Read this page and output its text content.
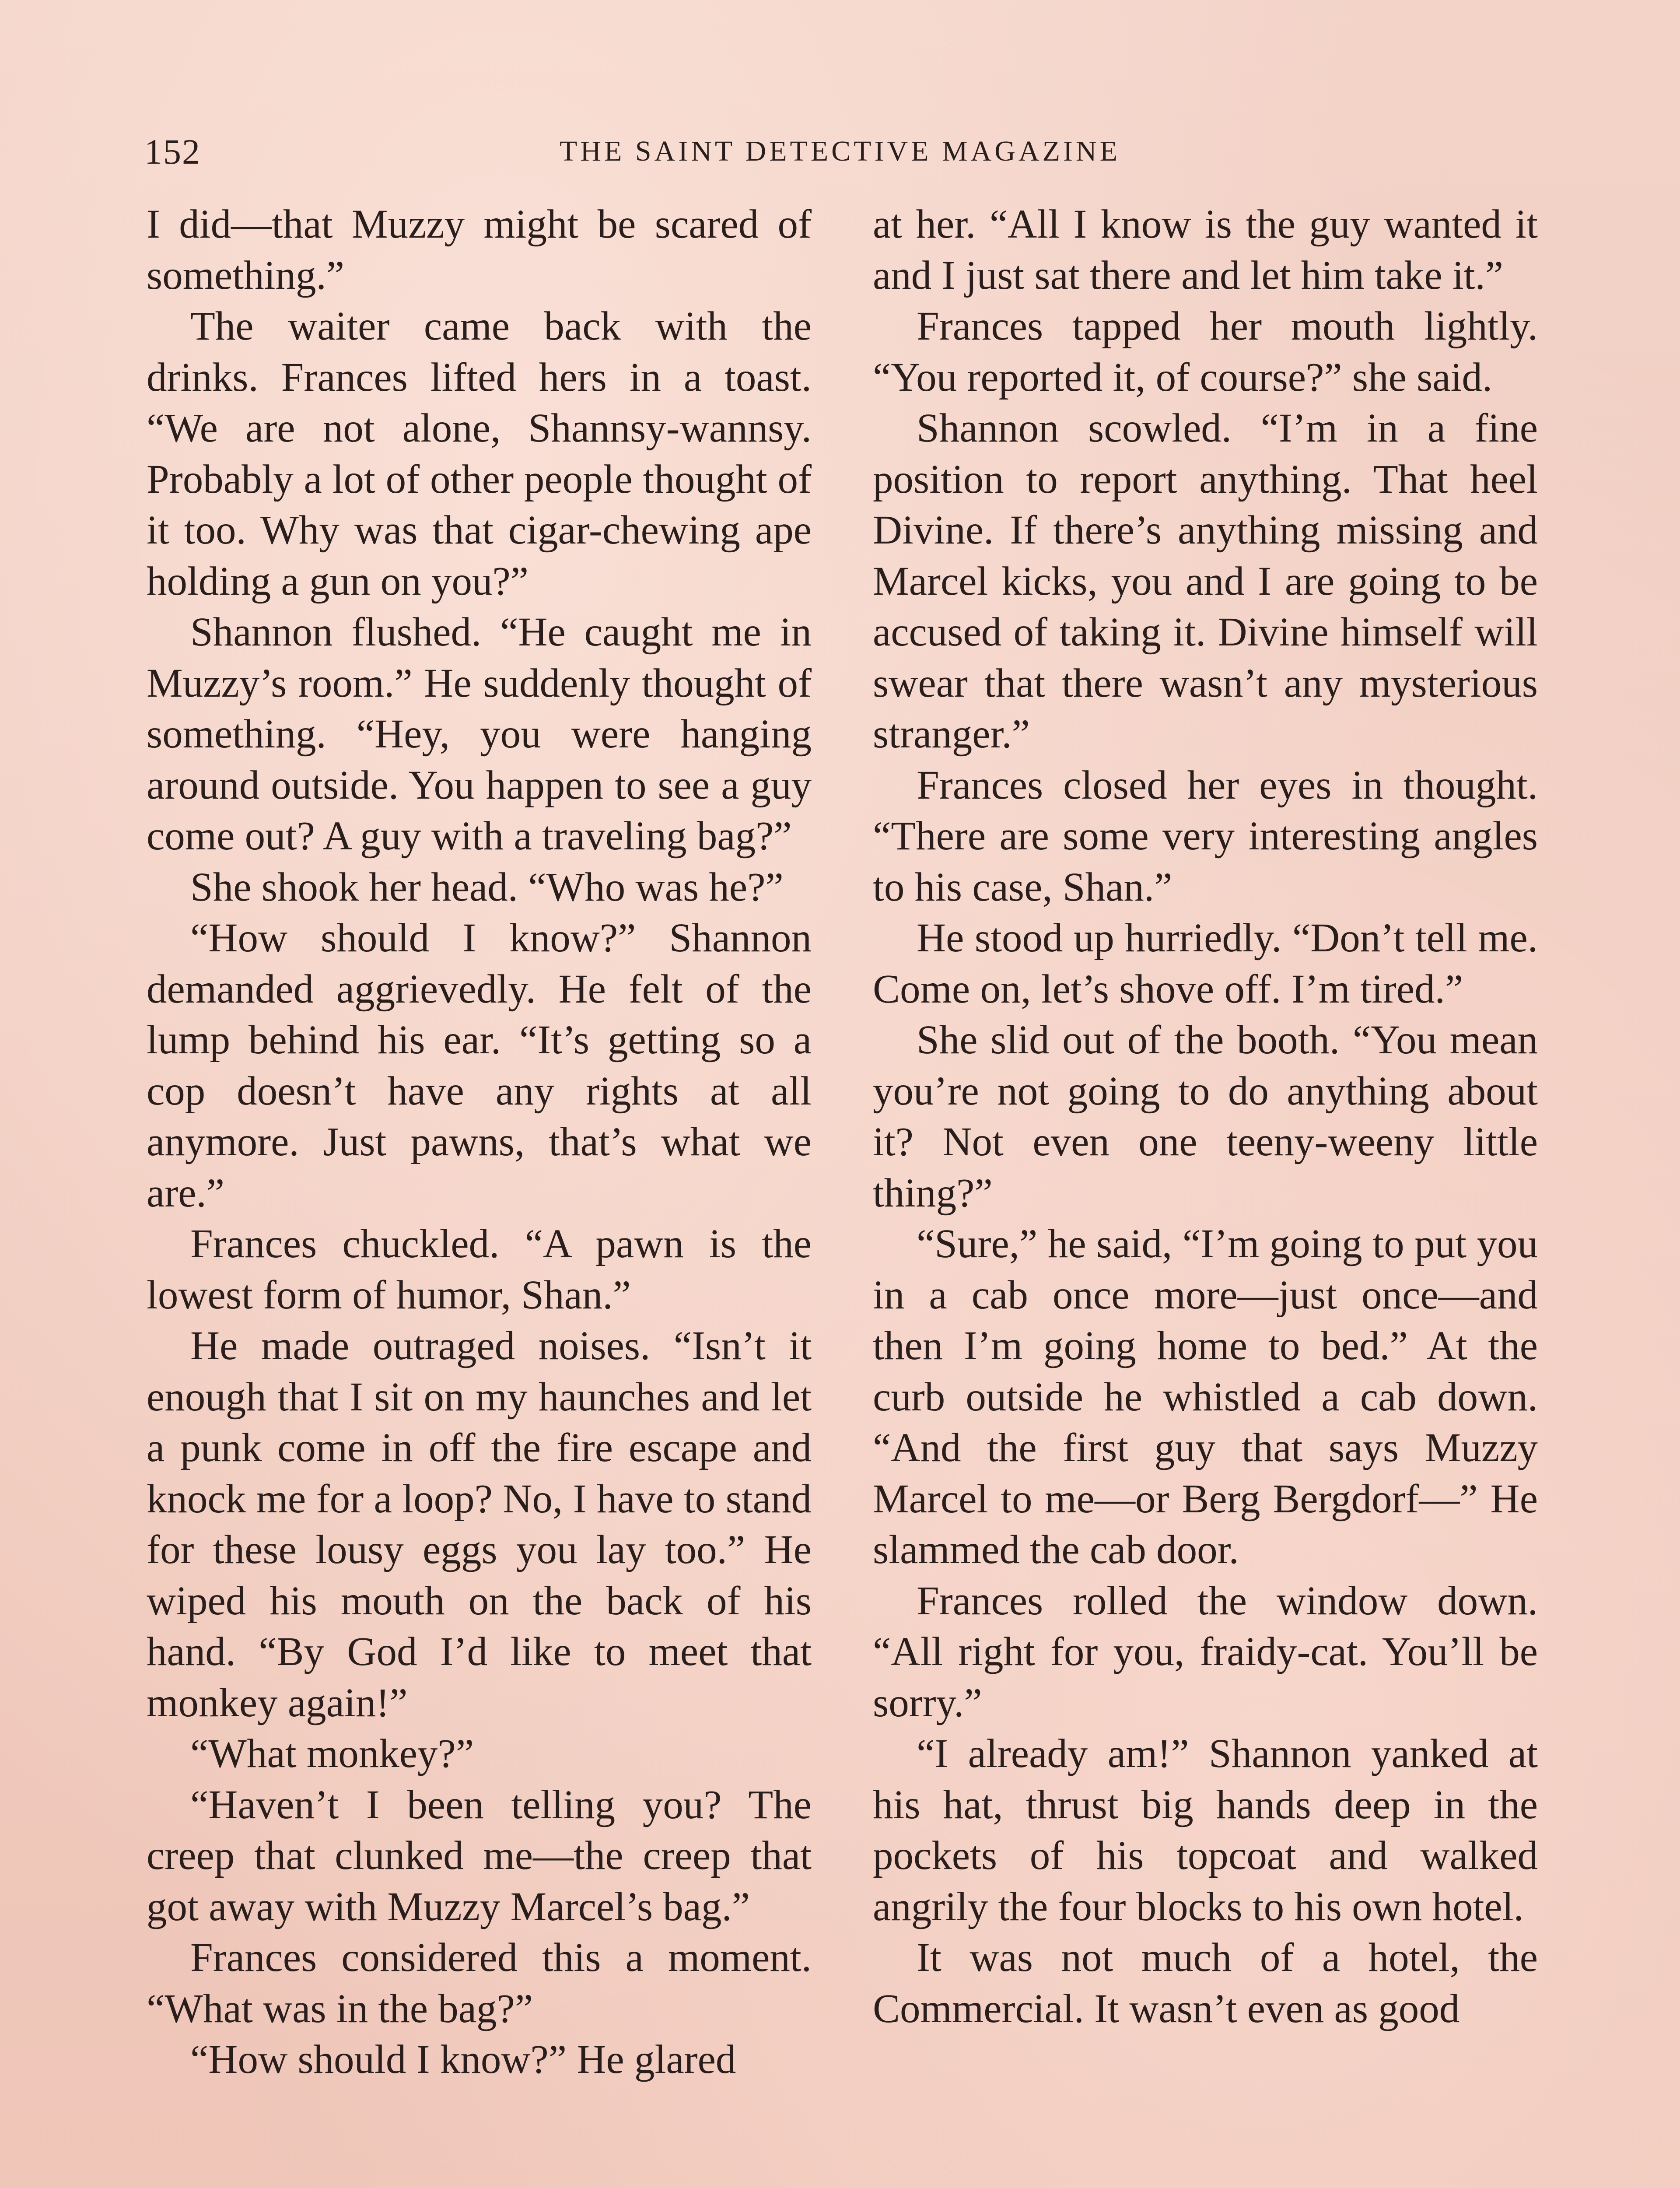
152	THE SAINT DETECTIVE MAGAZINE

I did—that Muzzy might be scared of something.”

The waiter came back with the drinks. Frances lifted hers in a toast. “We are not alone, Shannsy-wannsy. Probably a lot of other people thought of it too. Why was that cigar-chewing ape holding a gun on you?”

Shannon flushed. “He caught me in Muzzy’s room.” He suddenly thought of something. “Hey, you were hanging around outside. You happen to see a guy come out? A guy with a traveling bag?”

She shook her head. “Who was he?”

“How should I know?” Shannon demanded aggrievedly. He felt of the lump behind his ear. “It’s getting so a cop doesn’t have any rights at all anymore. Just pawns, that’s what we are.”

Frances chuckled. “A pawn is the lowest form of humor, Shan.”

He made outraged noises. “Isn’t it enough that I sit on my haunches and let a punk come in off the fire escape and knock me for a loop? No, I have to stand for these lousy eggs you lay too.” He wiped his mouth on the back of his hand. “By God I’d like to meet that monkey again!”

“What monkey?”

“Haven’t I been telling you? The creep that clunked me—the creep that got away with Muzzy Marcel’s bag.”

Frances considered this a moment. “What was in the bag?”

“How should I know?” He glared

at her. “All I know is the guy wanted it and I just sat there and let him take it.”

Frances tapped her mouth lightly. “You reported it, of course?” she said.

Shannon scowled. “I’m in a fine position to report anything. That heel Divine. If there’s anything missing and Marcel kicks, you and I are going to be accused of taking it. Divine himself will swear that there wasn’t any mysterious stranger.”

Frances closed her eyes in thought. “There are some very interesting angles to his case, Shan.”

He stood up hurriedly. “Don’t tell me. Come on, let’s shove off. I’m tired.”

She slid out of the booth. “You mean you’re not going to do anything about it? Not even one teeny-weeny little thing?”

“Sure,” he said, “I’m going to put you in a cab once more—just once—and then I’m going home to bed.” At the curb outside he whistled a cab down. “And the first guy that says Muzzy Marcel to me—or Berg Bergdorf—” He slammed the cab door.

Frances rolled the window down. “All right for you, fraidy-cat. You’ll be sorry.”

“I already am!” Shannon yanked at his hat, thrust big hands deep in the pockets of his topcoat and walked angrily the four blocks to his own hotel.

It was not much of a hotel, the Commercial. It wasn’t even as good
